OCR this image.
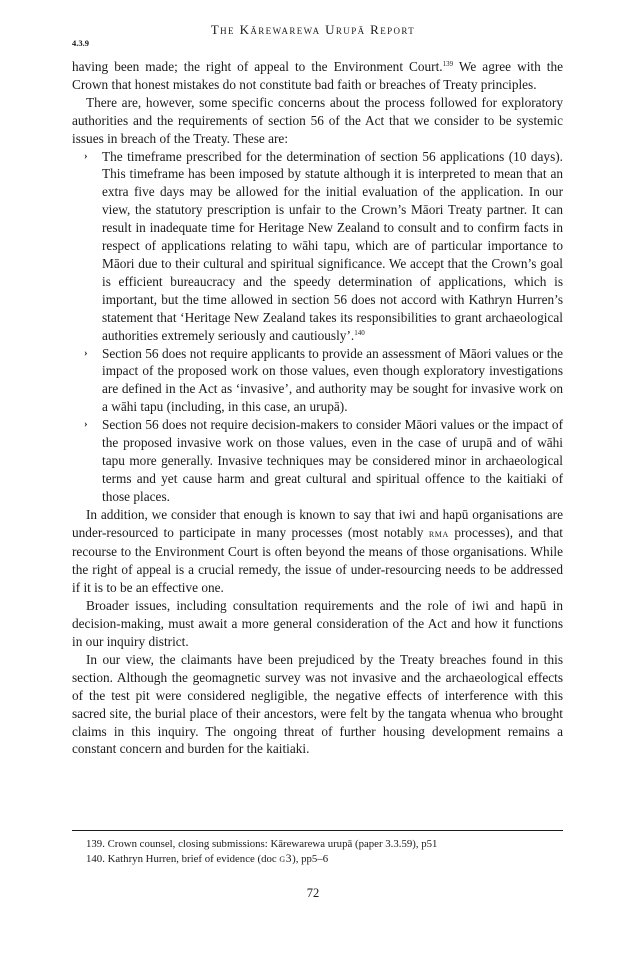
The Kārewarewa Urupā Report
4.3.9

having been made; the right of appeal to the Environment Court.$^{139}$ We agree with the Crown that honest mistakes do not constitute bad faith or breaches of Treaty principles.

There are, however, some specific concerns about the process followed for exploratory authorities and the requirements of section 56 of the Act that we consider to be systemic issues in breach of the Treaty. These are:

› The timeframe prescribed for the determination of section 56 applications (10 days). This timeframe has been imposed by statute although it is interpreted to mean that an extra five days may be allowed for the initial evaluation of the application. In our view, the statutory prescription is unfair to the Crown’s Māori Treaty partner. It can result in inadequate time for Heritage New Zealand to consult and to confirm facts in respect of applications relating to wāhi tapu, which are of particular importance to Māori due to their cultural and spiritual significance. We accept that the Crown’s goal is efficient bureaucracy and the speedy determination of applications, which is important, but the time allowed in section 56 does not accord with Kathryn Hurren’s statement that ‘Heritage New Zealand takes its responsibilities to grant archaeological authorities extremely seriously and cautiously’.$^{140}$
› Section 56 does not require applicants to provide an assessment of Māori values or the impact of the proposed work on those values, even though exploratory investigations are defined in the Act as ‘invasive’, and authority may be sought for invasive work on a wāhi tapu (including, in this case, an urupā).
› Section 56 does not require decision-makers to consider Māori values or the impact of the proposed invasive work on those values, even in the case of urupā and of wāhi tapu more generally. Invasive techniques may be considered minor in archaeological terms and yet cause harm and great cultural and spiritual offence to the kaitiaki of those places.

In addition, we consider that enough is known to say that iwi and hapū organisations are under-resourced to participate in many processes (most notably rma processes), and that recourse to the Environment Court is often beyond the means of those organisations. While the right of appeal is a crucial remedy, the issue of under-resourcing needs to be addressed if it is to be an effective one.

Broader issues, including consultation requirements and the role of iwi and hapū in decision-making, must await a more general consideration of the Act and how it functions in our inquiry district.

In our view, the claimants have been prejudiced by the Treaty breaches found in this section. Although the geomagnetic survey was not invasive and the archaeological effects of the test pit were considered negligible, the negative effects of interference with this sacred site, the burial place of their ancestors, were felt by the tangata whenua who brought claims in this inquiry. The ongoing threat of further housing development remains a constant concern and burden for the kaitiaki.

139. Crown counsel, closing submissions: Kārewarewa urupā (paper 3.3.59), p51

140. Kathryn Hurren, brief of evidence (doc g3), pp5–6

72
